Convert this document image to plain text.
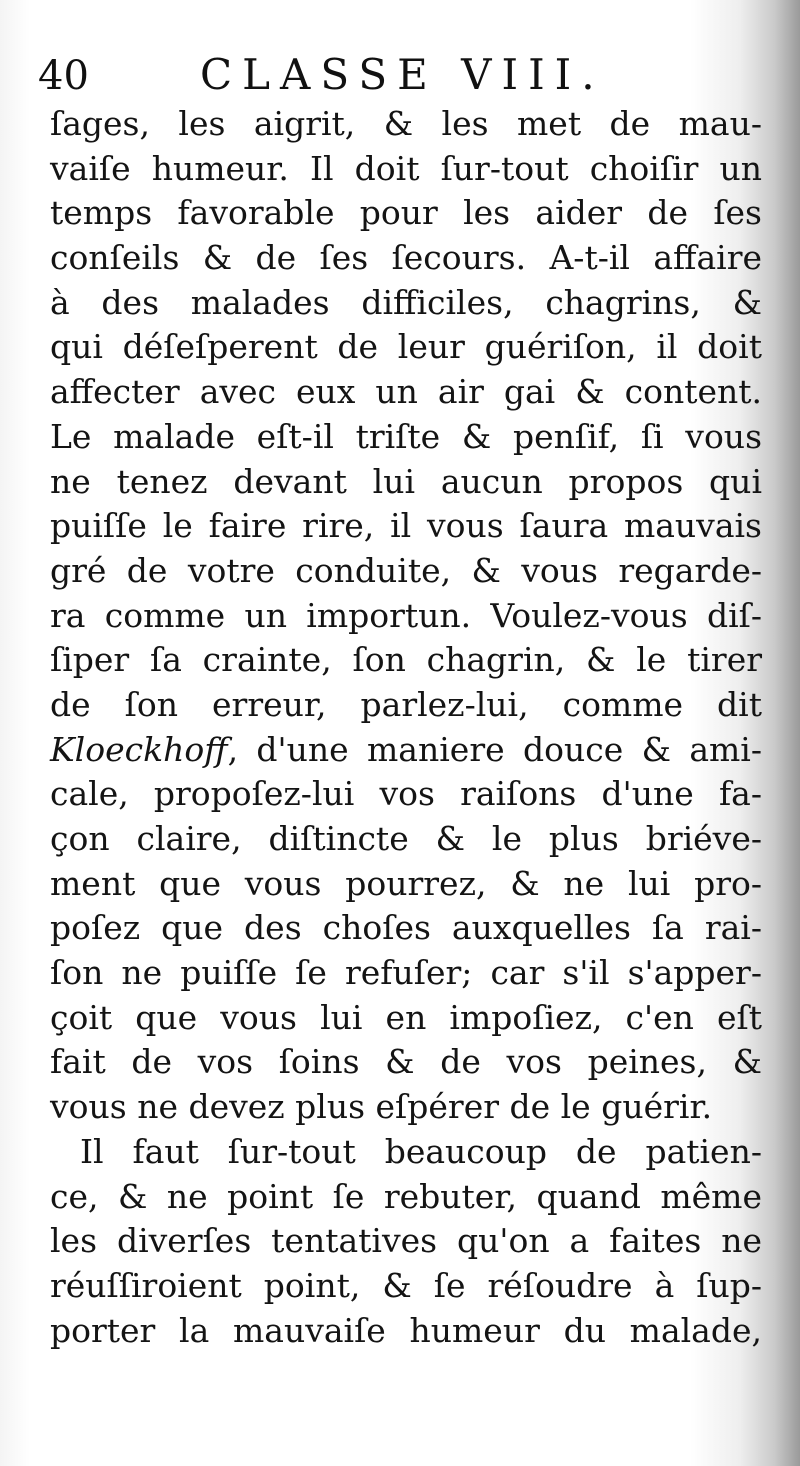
40	CLASSE VIII.
ſages, les aigrit, & les met de mau-
vaiſe humeur. Il doit ſur-tout choiſir un
temps favorable pour les aider de ſes
conſeils & de ſes ſecours. A-t-il affaire
à des malades difficiles, chagrins, &
qui déſeſperent de leur guériſon, il doit
affecter avec eux un air gai & content.
Le malade eſt-il triſte & penſif, ſi vous
ne tenez devant lui aucun propos qui
puiſſe le faire rire, il vous ſaura mauvais
gré de votre conduite, & vous regarde-
ra comme un importun. Voulez-vous diſ-
ſiper ſa crainte, ſon chagrin, & le tirer
de ſon erreur, parlez-lui, comme dit
Kloeckhoff, d'une maniere douce & ami-
cale, propoſez-lui vos raiſons d'une fa-
çon claire, diſtincte & le plus briéve-
ment que vous pourrez, & ne lui pro-
poſez que des choſes auxquelles ſa rai-
ſon ne puiſſe ſe refuſer; car s'il s'apper-
çoit que vous lui en impoſiez, c'en eſt
fait de vos ſoins & de vos peines, &
vous ne devez plus eſpérer de le guérir.
Il faut ſur-tout beaucoup de patien-
ce, & ne point ſe rebuter, quand même
les diverſes tentatives qu'on a faites ne
réuſſiroient point, & ſe réſoudre à ſup-
porter la mauvaiſe humeur du malade,
